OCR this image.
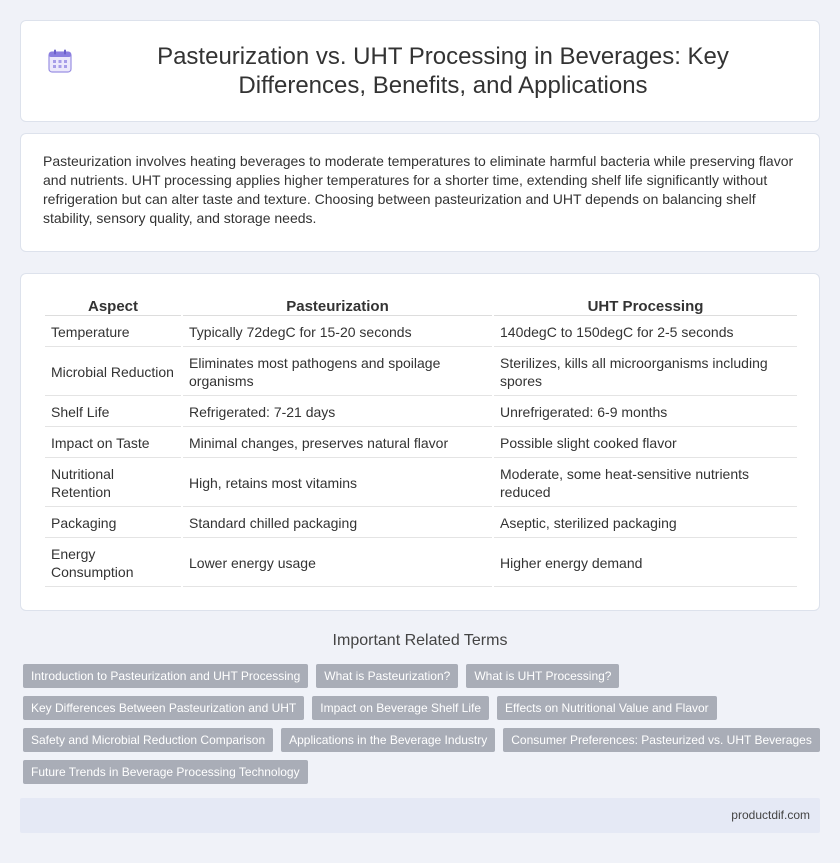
Pasteurization vs. UHT Processing in Beverages: Key Differences, Benefits, and Applications

Pasteurization involves heating beverages to moderate temperatures to eliminate harmful bacteria while preserving flavor and nutrients. UHT processing applies higher temperatures for a shorter time, extending shelf life significantly without refrigeration but can alter taste and texture. Choosing between pasteurization and UHT depends on balancing shelf stability, sensory quality, and storage needs.

Aspect	Pasteurization	UHT Processing
Temperature	Typically 72degC for 15-20 seconds	140degC to 150degC for 2-5 seconds
Microbial Reduction	Eliminates most pathogens and spoilage organisms	Sterilizes, kills all microorganisms including spores
Shelf Life	Refrigerated: 7-21 days	Unrefrigerated: 6-9 months
Impact on Taste	Minimal changes, preserves natural flavor	Possible slight cooked flavor
Nutritional Retention	High, retains most vitamins	Moderate, some heat-sensitive nutrients reduced
Packaging	Standard chilled packaging	Aseptic, sterilized packaging
Energy Consumption	Lower energy usage	Higher energy demand
Important Related Terms
Introduction to Pasteurization and UHT Processing	What is Pasteurization?	What is UHT Processing?
Key Differences Between Pasteurization and UHT	Impact on Beverage Shelf Life	Effects on Nutritional Value and Flavor
Safety and Microbial Reduction Comparison	Applications in the Beverage Industry	Consumer Preferences: Pasteurized vs. UHT Beverages
Future Trends in Beverage Processing Technology
productdif.com
